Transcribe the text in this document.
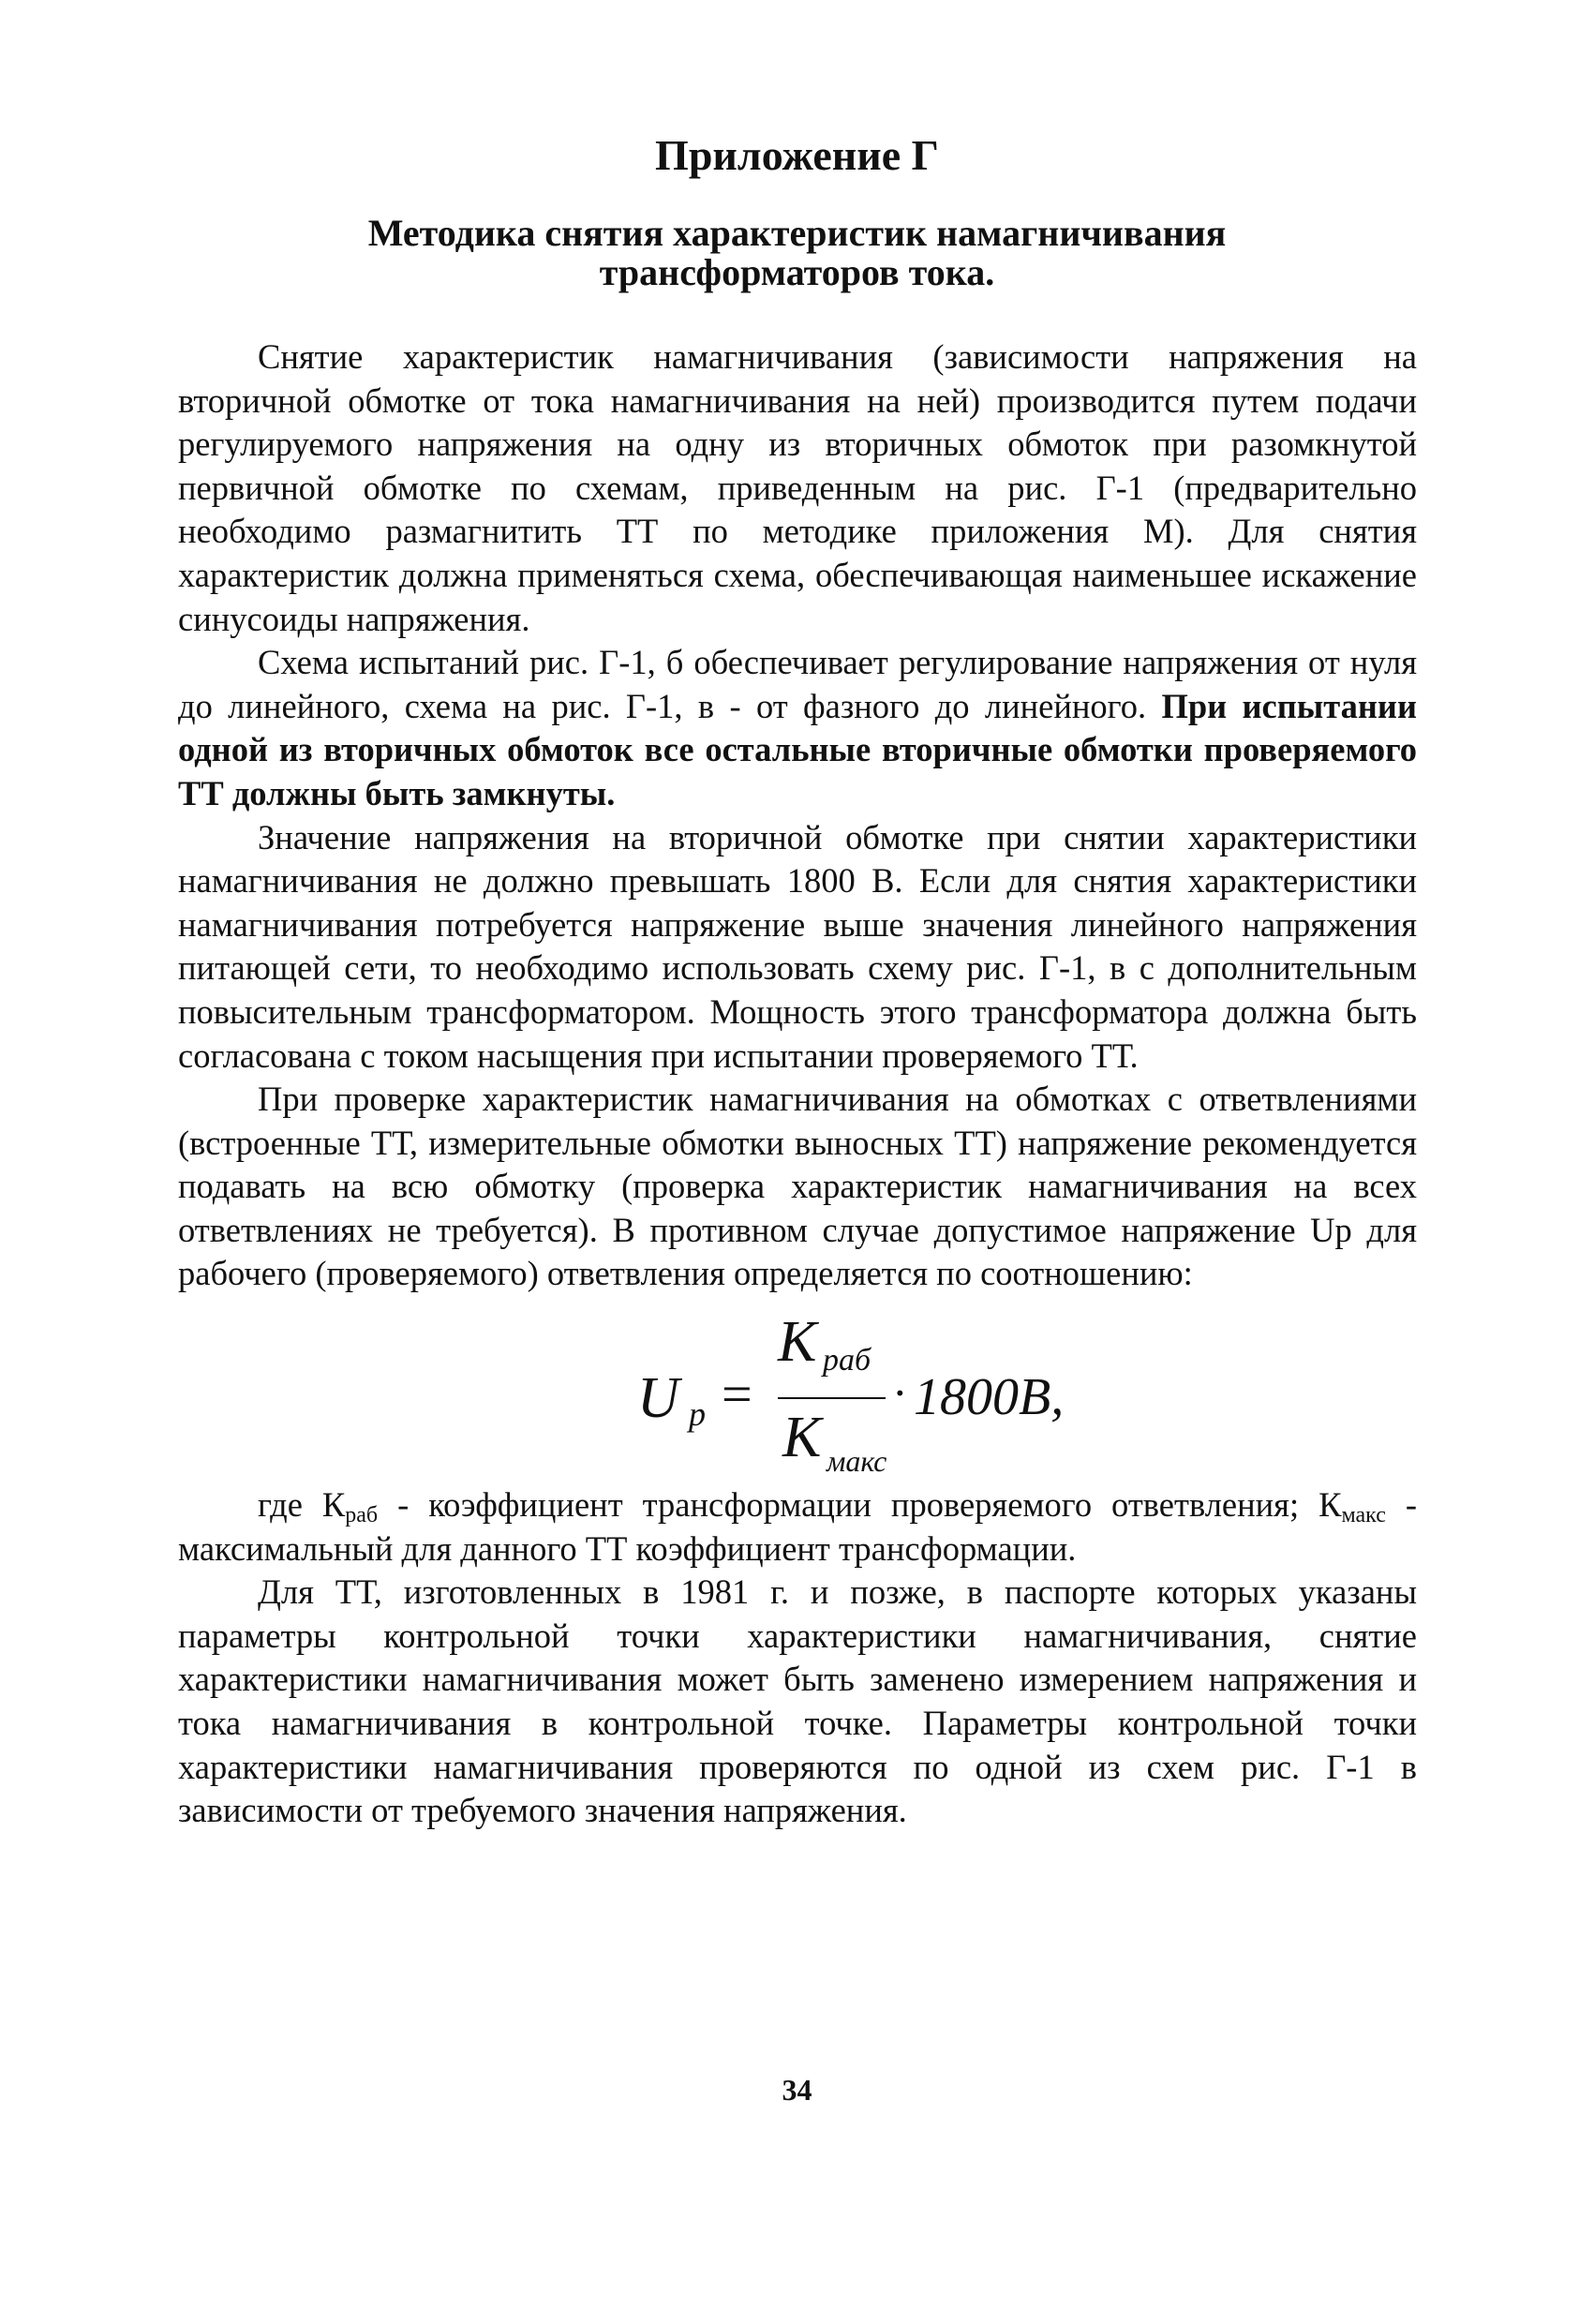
Приложение Г
Методика снятия характеристик намагничивания трансформаторов тока.

Снятие характеристик намагничивания (зависимости напряжения на вторичной обмотке от тока намагничивания на ней) производится путем подачи регулируемого напряжения на одну из вторичных обмоток при разомкнутой первичной обмотке по схемам, приведенным на рис. Г-1 (предварительно необходимо размагнитить ТТ по методике приложения М). Для снятия характеристик должна применяться схема, обеспечивающая наименьшее искажение синусоиды напряжения.

Схема испытаний рис. Г-1, б обеспечивает регулирование напряжения от нуля до линейного, схема на рис. Г-1, в - от фазного до линейного. При испытании одной из вторичных обмоток все остальные вторичные обмотки проверяемого ТТ должны быть замкнуты.

Значение напряжения на вторичной обмотке при снятии характеристики намагничивания не должно превышать 1800 В. Если для снятия характеристики намагничивания потребуется напряжение выше значения линейного напряжения питающей сети, то необходимо использовать схему рис. Г-1, в с дополнительным повысительным трансформатором. Мощность этого трансформатора должна быть согласована с током насыщения при испытании проверяемого ТТ.

При проверке характеристик намагничивания на обмотках с ответвлениями (встроенные ТТ, измерительные обмотки выносных ТТ) напряжение рекомендуется подавать на всю обмотку (проверка характеристик намагничивания на всех ответвлениях не требуется). В противном случае допустимое напряжение Up для рабочего (проверяемого) ответвления определяется по соотношению:

U p =
K раб
K макс
· 1800B,

где $К_{раб}$ - коэффициент трансформации проверяемого ответвления; $К_{макс}$ - максимальный для данного ТТ коэффициент трансформации.

Для ТТ, изготовленных в 1981 г. и позже, в паспорте которых указаны параметры контрольной точки характеристики намагничивания, снятие характеристики намагничивания может быть заменено измерением напряжения и тока намагничивания в контрольной точке. Параметры контрольной точки характеристики намагничивания проверяются по одной из схем рис. Г-1 в зависимости от требуемого значения напряжения.

34
